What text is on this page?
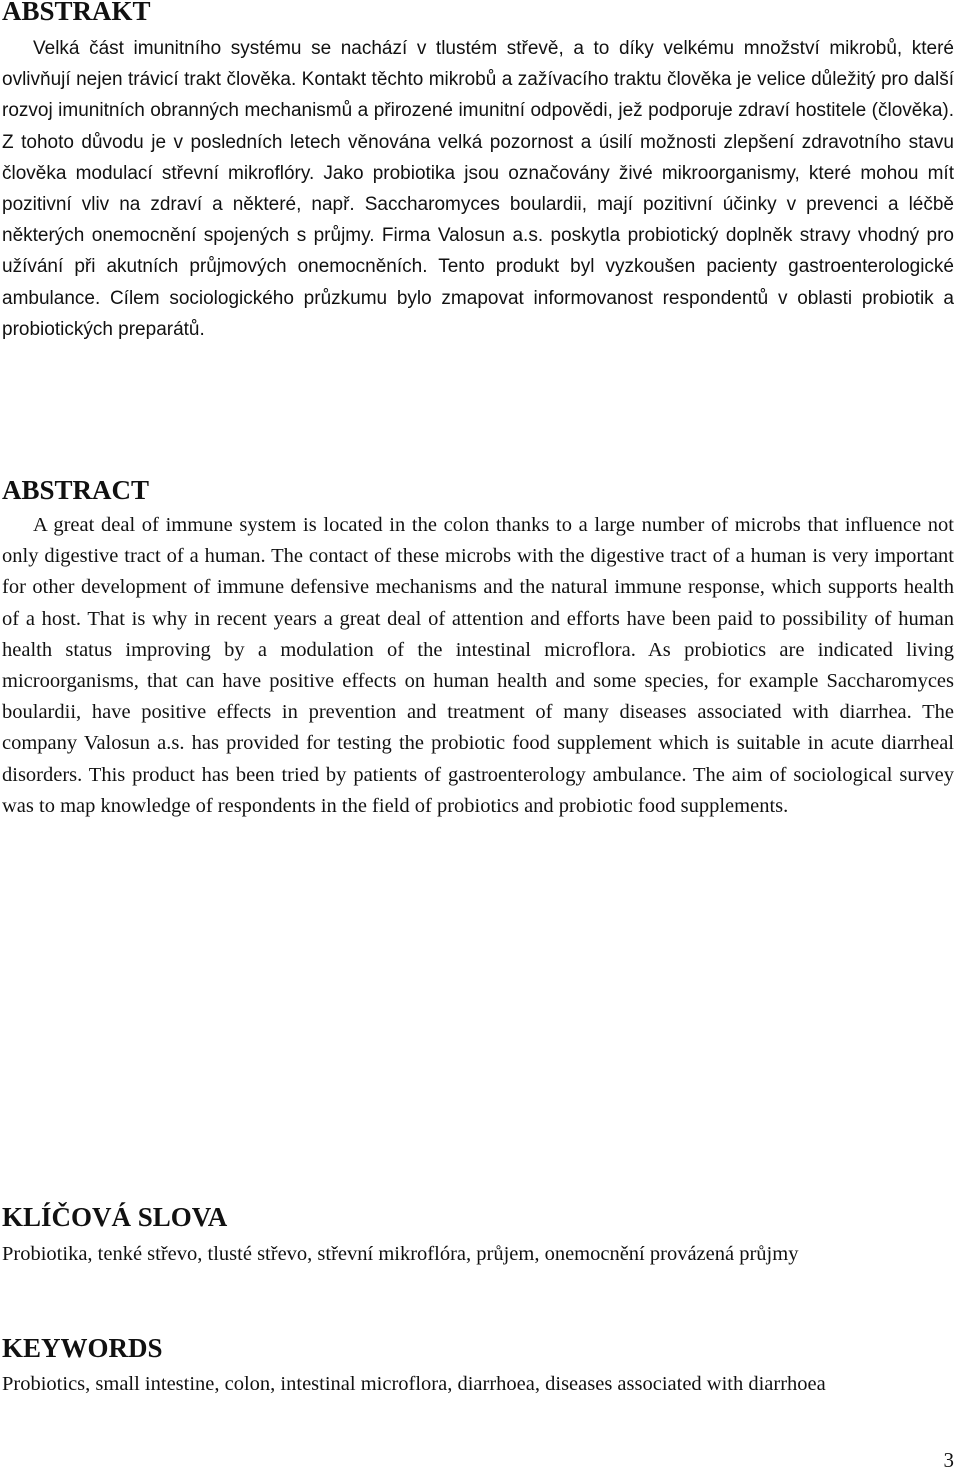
ABSTRAKT

Velká část imunitního systému se nachází v tlustém střevě, a to díky velkému množství mikrobů, které ovlivňují nejen trávicí trakt člověka. Kontakt těchto mikrobů a zažívacího traktu člověka je velice důležitý pro další rozvoj imunitních obranných mechanismů a přirozené imunitní odpovědi, jež podporuje zdraví hostitele (člověka). Z tohoto důvodu je v posledních letech věnována velká pozornost a úsilí možnosti zlepšení zdravotního stavu člověka modulací střevní mikroflóry. Jako probiotika jsou označovány živé mikroorganismy, které mohou mít pozitivní vliv na zdraví a některé, např. Saccharomyces boulardii, mají pozitivní účinky v prevenci a léčbě některých onemocnění spojených s průjmy. Firma Valosun a.s. poskytla probiotický doplněk stravy vhodný pro užívání při akutních průjmových onemocněních. Tento produkt byl vyzkoušen pacienty gastroenterologické ambulance. Cílem sociologického průzkumu bylo zmapovat informovanost respondentů v oblasti probiotik a probiotických preparátů.

ABSTRACT

A great deal of immune system is located in the colon thanks to a large number of microbs that influence not only digestive tract of a human. The contact of these microbs with the digestive tract of a human is very important for other development of immune defensive mechanisms and the natural immune response, which supports health of a host. That is why in recent years a great deal of attention and efforts have been paid to possibility of human health status improving by a modulation of the intestinal microflora. As probiotics are indicated living microorganisms, that can have positive effects on human health and some species, for example Saccharomyces boulardii, have positive effects in prevention and treatment of many diseases associated with diarrhea. The company Valosun a.s. has provided for testing the probiotic food supplement which is suitable in acute diarrheal disorders. This product has been tried by patients of gastroenterology ambulance. The aim of sociological survey was to map knowledge of respondents in the field of probiotics and probiotic food supplements.

KLÍČOVÁ SLOVA

Probiotika, tenké střevo, tlusté střevo, střevní mikroflóra, průjem, onemocnění provázená průjmy

KEYWORDS

Probiotics, small intestine, colon, intestinal microflora, diarrhoea, diseases associated with diarrhoea

3
